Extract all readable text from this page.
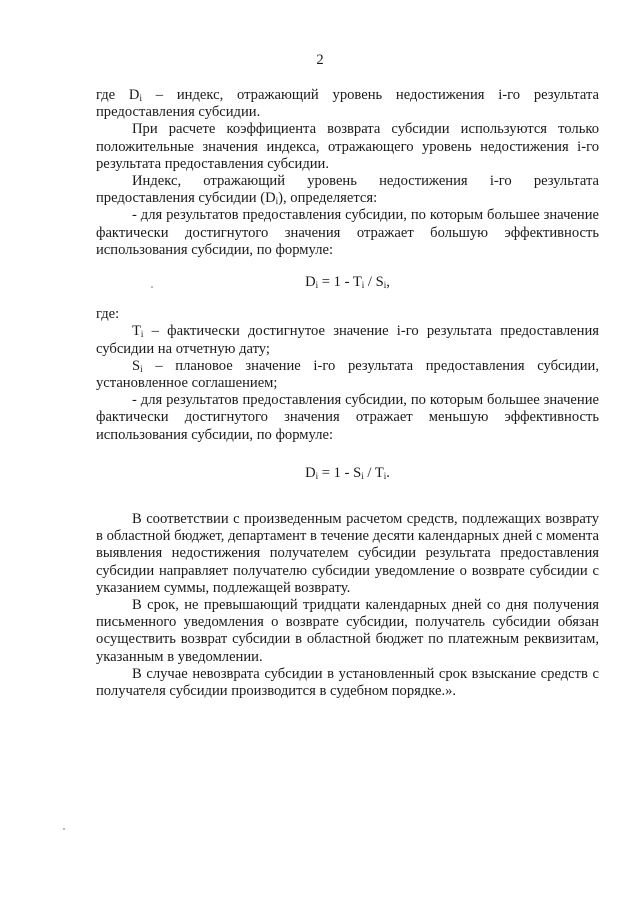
2

где $D_i$ – индекс, отражающий уровень недостижения i-го результата предоставления субсидии.

При расчете коэффициента возврата субсидии используются только положительные значения индекса, отражающего уровень недостижения i-го результата предоставления субсидии.

Индекс, отражающий уровень недостижения i-го результата предоставления субсидии $(D_i)$, определяется:

- для результатов предоставления субсидии, по которым большее значение фактически достигнутого значения отражает большую эффективность использования субсидии, по формуле:

$D_i = 1 - T_i / S_i$,

где:

$T_i$ – фактически достигнутое значение i-го результата предоставления субсидии на отчетную дату;

$S_i$ – плановое значение i-го результата предоставления субсидии, установленное соглашением;

- для результатов предоставления субсидии, по которым большее значение фактически достигнутого значения отражает меньшую эффективность использования субсидии, по формуле:

$D_i = 1 - S_i / T_i$.

В соответствии с произведенным расчетом средств, подлежащих возврату в областной бюджет, департамент в течение десяти календарных дней с момента выявления недостижения получателем субсидии результата предоставления субсидии направляет получателю субсидии уведомление о возврате субсидии с указанием суммы, подлежащей возврату.

В срок, не превышающий тридцати календарных дней со дня получения письменного уведомления о возврате субсидии, получатель субсидии обязан осуществить возврат субсидии в областной бюджет по платежным реквизитам, указанным в уведомлении.

В случае невозврата субсидии в установленный срок взыскание средств с получателя субсидии производится в судебном порядке.».
